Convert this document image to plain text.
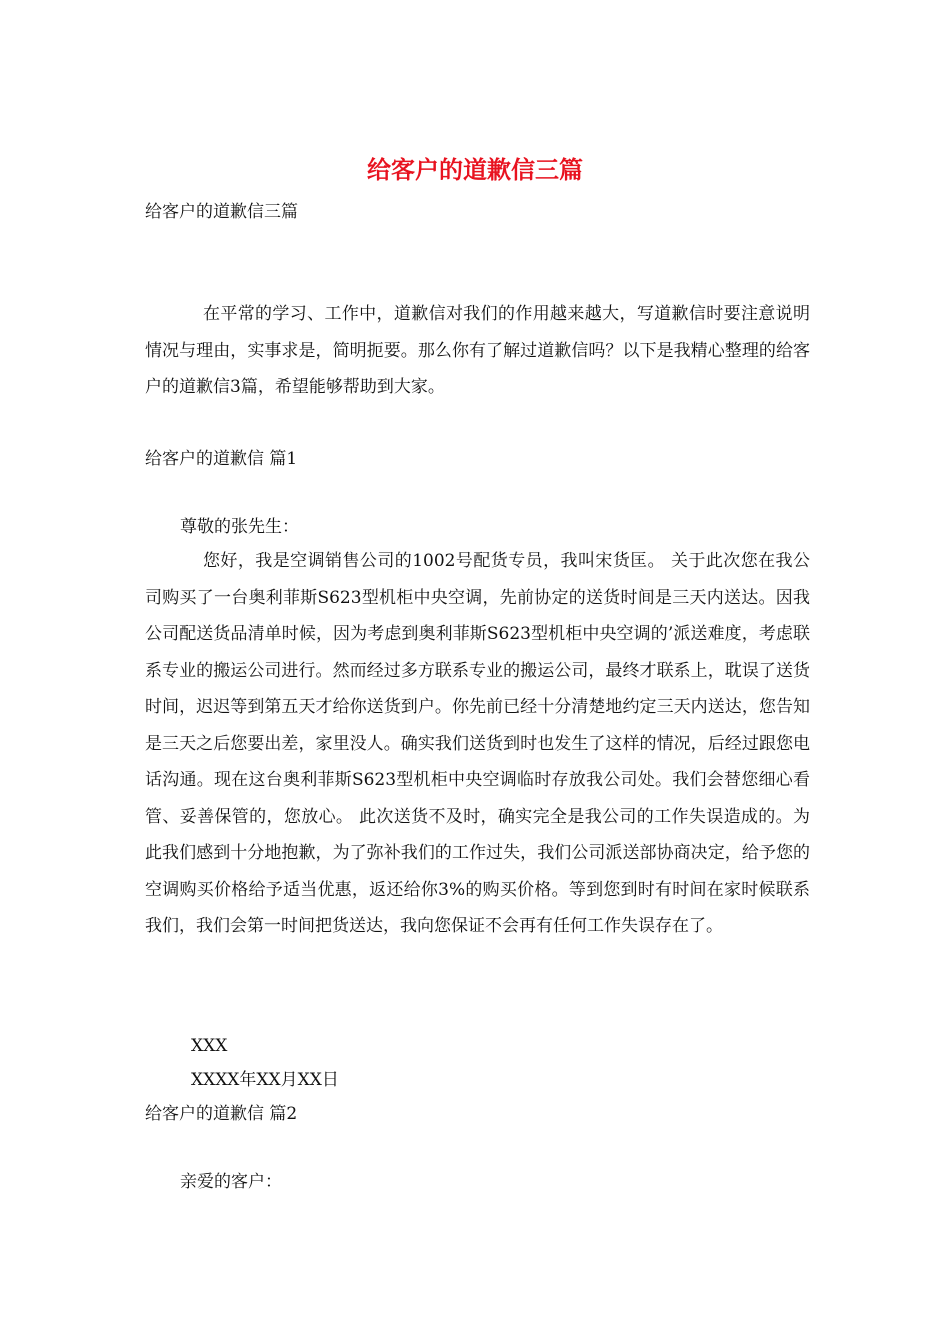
给客户的道歉信三篇
给客户的道歉信三篇
在平常的学习、工作中，道歉信对我们的作用越来越大，写道歉信时要注意说明情况与理由，实事求是，简明扼要。那么你有了解过道歉信吗？以下是我精心整理的给客户的道歉信3篇，希望能够帮助到大家。
给客户的道歉信 篇1
尊敬的张先生：
您好，我是空调销售公司的1002号配货专员，我叫宋货匡。 关于此次您在我公司购买了一台奥利菲斯S623型机柜中央空调，先前协定的送货时间是三天内送达。因我公司配送货品清单时候，因为考虑到奥利菲斯S623型机柜中央空调的’派送难度，考虑联系专业的搬运公司进行。然而经过多方联系专业的搬运公司，最终才联系上，耽误了送货时间，迟迟等到第五天才给你送货到户。你先前已经十分清楚地约定三天内送达，您告知是三天之后您要出差，家里没人。确实我们送货到时也发生了这样的情况，后经过跟您电话沟通。现在这台奥利菲斯S623型机柜中央空调临时存放我公司处。我们会替您细心看管、妥善保管的，您放心。 此次送货不及时，确实完全是我公司的工作失误造成的。为此我们感到十分地抱歉，为了弥补我们的工作过失，我们公司派送部协商决定，给予您的空调购买价格给予适当优惠，返还给你3%的购买价格。等到您到时有时间在家时候联系我们，我们会第一时间把货送达，我向您保证不会再有任何工作失误存在了。
XXX
XXXX年XX月XX日
给客户的道歉信 篇2
亲爱的客户：
